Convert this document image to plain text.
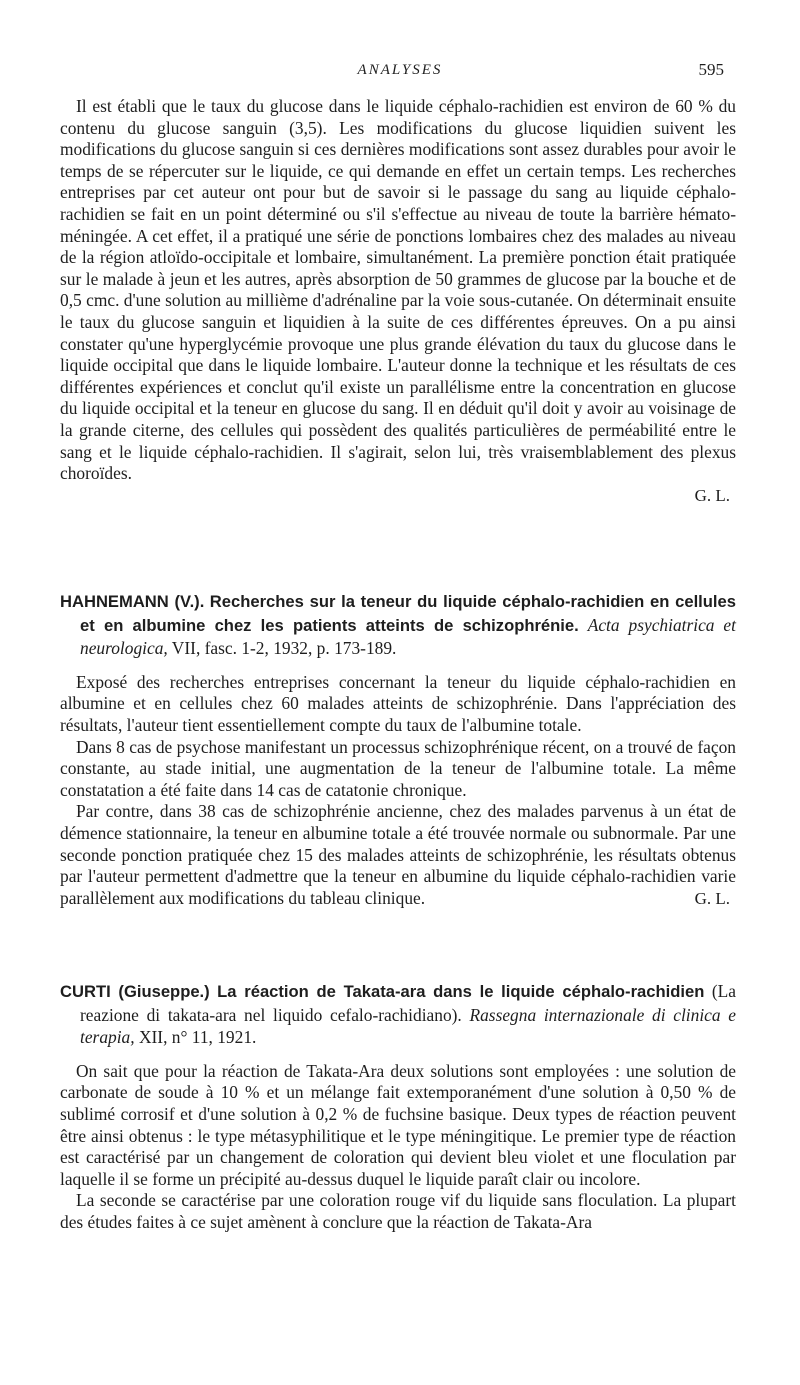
ANALYSES	595

Il est établi que le taux du glucose dans le liquide céphalo-rachidien est environ de 60 % du contenu du glucose sanguin (3,5). Les modifications du glucose liquidien suivent les modifications du glucose sanguin si ces dernières modifications sont assez durables pour avoir le temps de se répercuter sur le liquide, ce qui demande en effet un certain temps. Les recherches entreprises par cet auteur ont pour but de savoir si le passage du sang au liquide céphalo-rachidien se fait en un point déterminé ou s'il s'effectue au niveau de toute la barrière hémato-méningée. A cet effet, il a pratiqué une série de ponctions lombaires chez des malades au niveau de la région atloïdo-occipitale et lombaire, simultanément. La première ponction était pratiquée sur le malade à jeun et les autres, après absorption de 50 grammes de glucose par la bouche et de 0,5 cmc. d'une solution au millième d'adrénaline par la voie sous-cutanée. On déterminait ensuite le taux du glucose sanguin et liquidien à la suite de ces différentes épreuves. On a pu ainsi constater qu'une hyperglycémie provoque une plus grande élévation du taux du glucose dans le liquide occipital que dans le liquide lombaire. L'auteur donne la technique et les résultats de ces différentes expériences et conclut qu'il existe un parallélisme entre la concentration en glucose du liquide occipital et la teneur en glucose du sang. Il en déduit qu'il doit y avoir au voisinage de la grande citerne, des cellules qui possèdent des qualités particulières de perméabilité entre le sang et le liquide céphalo-rachidien. Il s'agirait, selon lui, très vraisemblablement des plexus choroïdes.

G. L.
HAHNEMANN (V.). Recherches sur la teneur du liquide céphalo-rachidien en cellules et en albumine chez les patients atteints de schizophrénie. Acta psychiatrica et neurologica, VII, fasc. 1-2, 1932, p. 173-189.

Exposé des recherches entreprises concernant la teneur du liquide céphalo-rachidien en albumine et en cellules chez 60 malades atteints de schizophrénie. Dans l'appréciation des résultats, l'auteur tient essentiellement compte du taux de l'albumine totale.

Dans 8 cas de psychose manifestant un processus schizophrénique récent, on a trouvé de façon constante, au stade initial, une augmentation de la teneur de l'albumine totale. La même constatation a été faite dans 14 cas de catatonie chronique.

Par contre, dans 38 cas de schizophrénie ancienne, chez des malades parvenus à un état de démence stationnaire, la teneur en albumine totale a été trouvée normale ou subnormale. Par une seconde ponction pratiquée chez 15 des malades atteints de schizophrénie, les résultats obtenus par l'auteur permettent d'admettre que la teneur en albumine du liquide céphalo-rachidien varie parallèlement aux modifications du tableau clinique.	G. L.
CURTI (Giuseppe.) La réaction de Takata-ara dans le liquide céphalo-rachidien (La reazione di takata-ara nel liquido cefalo-rachidiano). Rassegna internazionale di clinica e terapia, XII, n° 11, 1921.

On sait que pour la réaction de Takata-Ara deux solutions sont employées : une solution de carbonate de soude à 10 % et un mélange fait extemporanément d'une solution à 0,50 % de sublimé corrosif et d'une solution à 0,2 % de fuchsine basique. Deux types de réaction peuvent être ainsi obtenus : le type métasyphilitique et le type méningitique. Le premier type de réaction est caractérisé par un changement de coloration qui devient bleu violet et une floculation par laquelle il se forme un précipité au-dessus duquel le liquide paraît clair ou incolore.

La seconde se caractérise par une coloration rouge vif du liquide sans floculation. La plupart des études faites à ce sujet amènent à conclure que la réaction de Takata-Ara
